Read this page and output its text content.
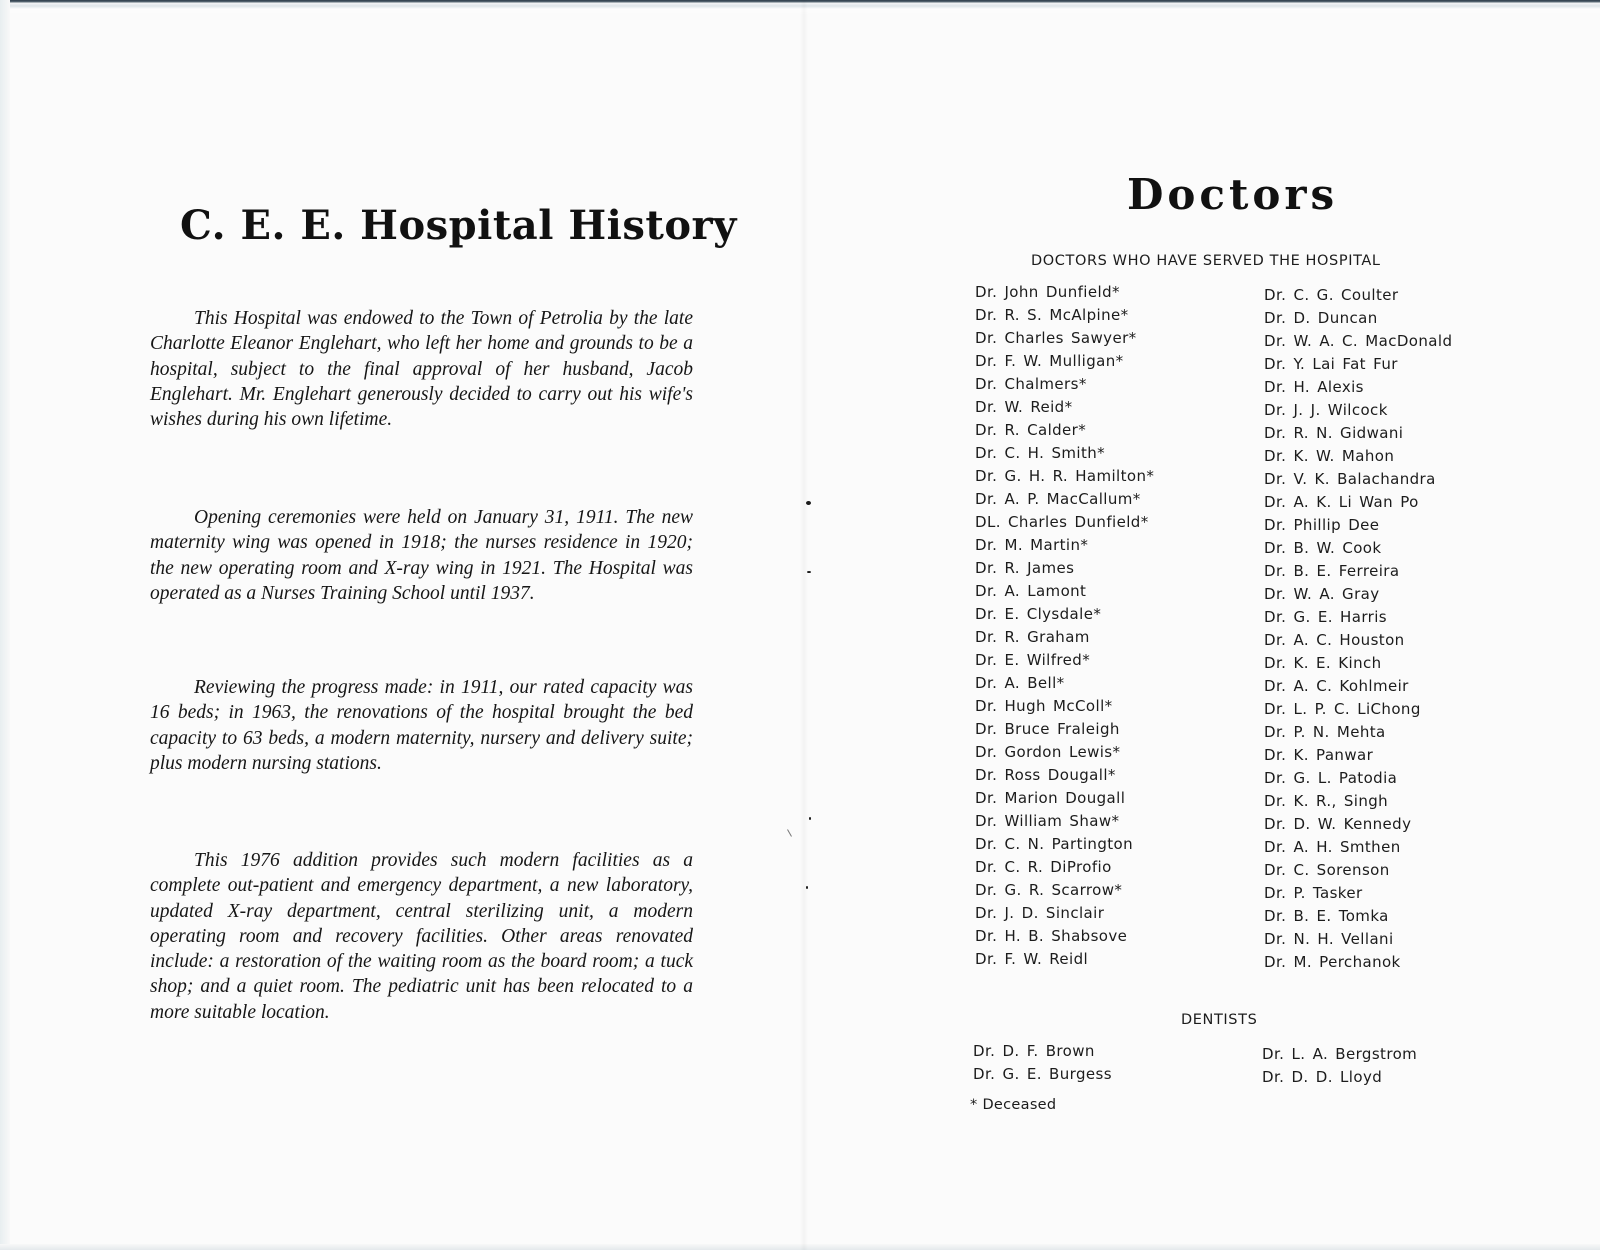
C. E. E. Hospital History

This Hospital was endowed to the Town of Petrolia by the late Charlotte Eleanor Englehart, who left her home and grounds to be a hospital, subject to the final approval of her husband, Jacob Englehart. Mr. Englehart generously decided to carry out his wife's wishes during his own lifetime.

Opening ceremonies were held on January 31, 1911. The new maternity wing was opened in 1918; the nurses residence in 1920; the new operating room and X-ray wing in 1921. The Hospital was operated as a Nurses Training School until 1937.

Reviewing the progress made: in 1911, our rated capacity was 16 beds; in 1963, the renovations of the hospital brought the bed capacity to 63 beds, a modern maternity, nursery and delivery suite; plus modern nursing stations.

This 1976 addition provides such modern facilities as a complete out-patient and emergency department, a new laboratory, updated X-ray department, central sterilizing unit, a modern operating room and recovery facilities. Other areas renovated include: a restoration of the waiting room as the board room; a tuck shop; and a quiet room. The pediatric unit has been relocated to a more suitable location.

Doctors
DOCTORS WHO HAVE SERVED THE HOSPITAL
Dr. John Dunfield*
Dr. R. S. McAlpine*
Dr. Charles Sawyer*
Dr. F. W. Mulligan*
Dr. Chalmers*
Dr. W. Reid*
Dr. R. Calder*
Dr. C. H. Smith*
Dr. G. H. R. Hamilton*
Dr. A. P. MacCallum*
DL. Charles Dunfield*
Dr. M. Martin*
Dr. R. James
Dr. A. Lamont
Dr. E. Clysdale*
Dr. R. Graham
Dr. E. Wilfred*
Dr. A. Bell*
Dr. Hugh McColl*
Dr. Bruce Fraleigh
Dr. Gordon Lewis*
Dr. Ross Dougall*
Dr. Marion Dougall
Dr. William Shaw*
Dr. C. N. Partington
Dr. C. R. DiProfio
Dr. G. R. Scarrow*
Dr. J. D. Sinclair
Dr. H. B. Shabsove
Dr. F. W. Reidl
Dr. C. G. Coulter
Dr. D. Duncan
Dr. W. A. C. MacDonald
Dr. Y. Lai Fat Fur
Dr. H. Alexis
Dr. J. J. Wilcock
Dr. R. N. Gidwani
Dr. K. W. Mahon
Dr. V. K. Balachandra
Dr. A. K. Li Wan Po
Dr. Phillip Dee
Dr. B. W. Cook
Dr. B. E. Ferreira
Dr. W. A. Gray
Dr. G. E. Harris
Dr. A. C. Houston
Dr. K. E. Kinch
Dr. A. C. Kohlmeir
Dr. L. P. C. LiChong
Dr. P. N. Mehta
Dr. K. Panwar
Dr. G. L. Patodia
Dr. K. R., Singh
Dr. D. W. Kennedy
Dr. A. H. Smthen
Dr. C. Sorenson
Dr. P. Tasker
Dr. B. E. Tomka
Dr. N. H. Vellani
Dr. M. Perchanok
DENTISTS
Dr. D. F. Brown
Dr. G. E. Burgess
Dr. L. A. Bergstrom
Dr. D. D. Lloyd
* Deceased
